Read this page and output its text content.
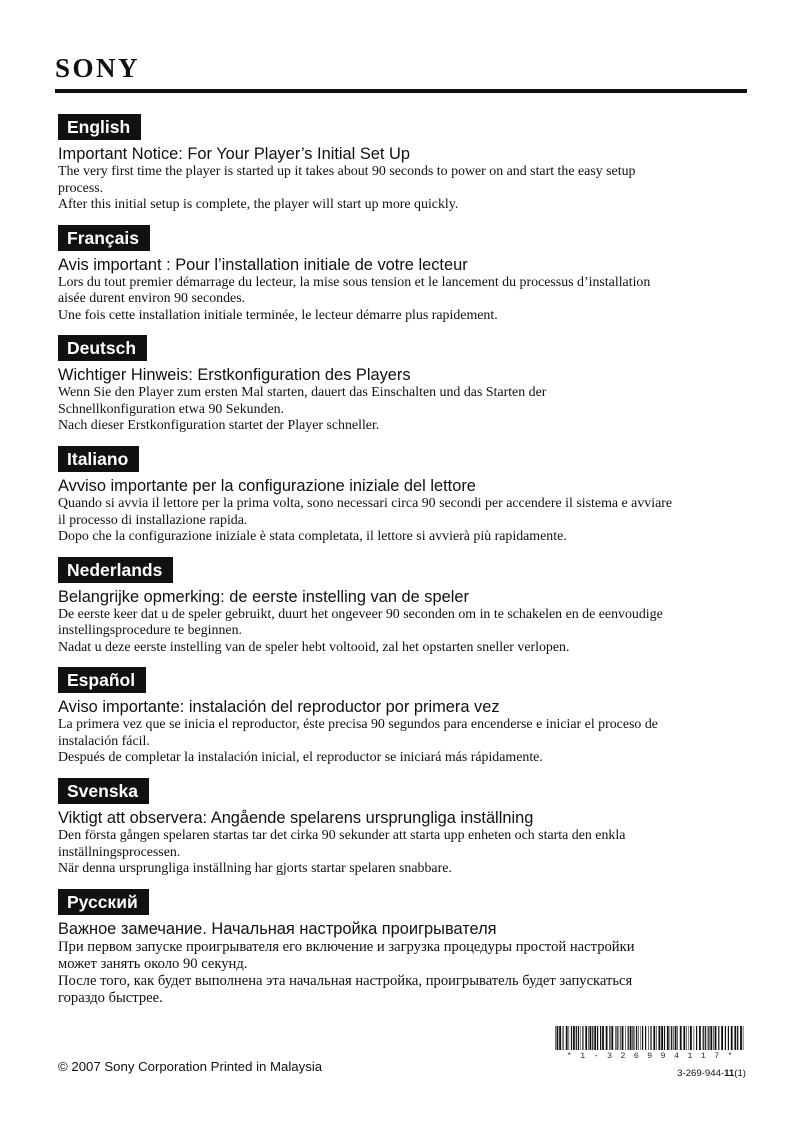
SONY
English
Important Notice: For Your Player’s Initial Set Up
The very first time the player is started up it takes about 90 seconds to power on and start the easy setup
process.
After this initial setup is complete, the player will start up more quickly.
Français
Avis important : Pour l’installation initiale de votre lecteur
Lors du tout premier démarrage du lecteur, la mise sous tension et le lancement du processus d’installation
aisée durent environ 90 secondes.
Une fois cette installation initiale terminée, le lecteur démarre plus rapidement.
Deutsch
Wichtiger Hinweis: Erstkonfiguration des Players
Wenn Sie den Player zum ersten Mal starten, dauert das Einschalten und das Starten der
Schnellkonfiguration etwa 90 Sekunden.
Nach dieser Erstkonfiguration startet der Player schneller.
Italiano
Avviso importante per la configurazione iniziale del lettore
Quando si avvia il lettore per la prima volta, sono necessari circa 90 secondi per accendere il sistema e avviare
il processo di installazione rapida.
Dopo che la configurazione iniziale è stata completata, il lettore si avvierà più rapidamente.
Nederlands
Belangrijke opmerking: de eerste instelling van de speler
De eerste keer dat u de speler gebruikt, duurt het ongeveer 90 seconden om in te schakelen en de eenvoudige
instellingsprocedure te beginnen.
Nadat u deze eerste instelling van de speler hebt voltooid, zal het opstarten sneller verlopen.
Español
Aviso importante: instalación del reproductor por primera vez
La primera vez que se inicia el reproductor, éste precisa 90 segundos para encenderse e iniciar el proceso de
instalación fácil.
Después de completar la instalación inicial, el reproductor se iniciará más rápidamente.
Svenska
Viktigt att observera: Angående spelarens ursprungliga inställning
Den första gången spelaren startas tar det cirka 90 sekunder att starta upp enheten och starta den enkla
inställningsprocessen.
När denna ursprungliga inställning har gjorts startar spelaren snabbare.
Русский
Важное замечание. Начальная настройка проигрывателя
При первом запуске проигрывателя его включение и загрузка процедуры простой настройки
может занять около 90 секунд.
После того, как будет выполнена эта начальная настройка, проигрыватель будет запускаться
гораздо быстрее.
© 2007 Sony Corporation Printed in Malaysia
* 1 - 3 2 6 9 9 4 1 1 7 *
3-269-944-11(1)
